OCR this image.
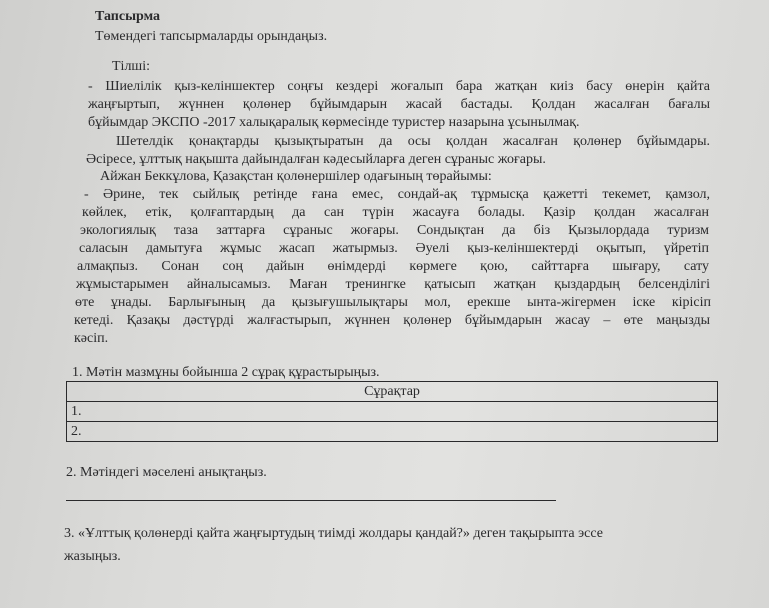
Тапсырма
Төмендегі тапсырмаларды орындаңыз.
Тілші:
- Шиелілік қыз-келіншектер соңғы кездері жоғалып бара жатқан киіз басу өнерін қайта
жаңғыртып, жүннен қолөнер бұйымдарын жасай бастады. Қолдан жасалған бағалы
бұйымдар ЭКСПО -2017 халықаралық көрмесінде туристер назарына ұсынылмақ.
Шетелдік қонақтарды қызықтыратын да осы қолдан жасалған қолөнер бұйымдары.
Әсіресе, ұлттық нақышта дайындалған кәдесыйларға деген сұраныс жоғары.
Айжан Беккұлова, Қазақстан қолөнершілер одағының төрайымы:
- Әрине, тек сыйлық ретінде ғана емес, сондай-ақ тұрмысқа қажетті текемет, қамзол,
көйлек, етік, қолғаптардың да сан түрін жасауға болады. Қазір қолдан жасалған
экологиялық таза заттарға сұраныс жоғары. Сондықтан да біз Қызылордада туризм
саласын дамытуға жұмыс жасап жатырмыз. Әуелі қыз-келіншектерді оқытып, үйретіп
алмақпыз. Сонан соң дайын өнімдерді көрмеге қою, сайттарға шығару, сату
жұмыстарымен айналысамыз. Маған тренингке қатысып жатқан қыздардың белсенділігі
өте ұнады. Барлығының да қызығушылықтары мол, ерекше ынта-жігермен іске кірісіп
кетеді. Қазақы дәстүрді жалғастырып, жүннен қолөнер бұйымдарын жасау – өте маңызды
кәсіп.
1. Мәтін мазмұны бойынша 2 сұрақ құрастырыңыз.
Сұрақтар
1.
2.
2. Мәтіндегі мәселені анықтаңыз.
3. «Ұлттық қолөнерді қайта жаңғыртудың тиімді жолдары қандай?» деген тақырыпта эссе
жазыңыз.
